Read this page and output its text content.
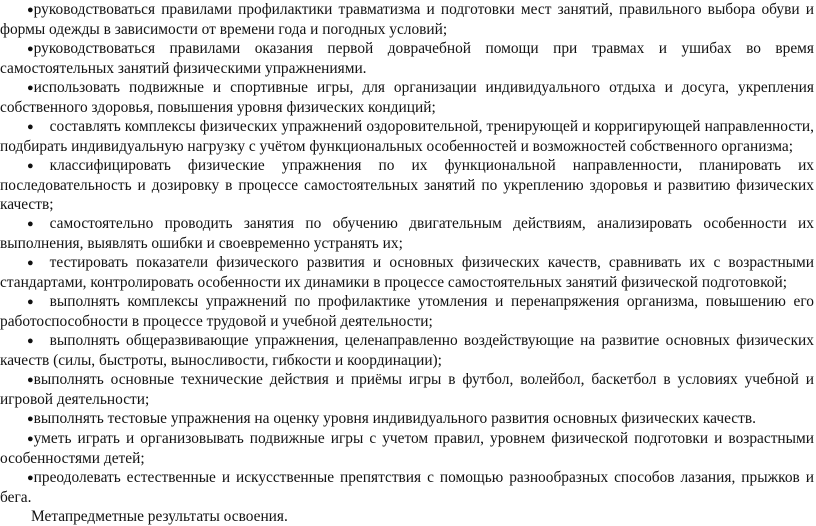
●руководствоваться правилами профилактики травматизма и подготовки мест занятий, правильного выбора обуви и формы одежды в зависимости от времени года и погодных условий;

●руководствоваться правилами оказания первой доврачебной помощи при травмах и ушибах во время самостоятельных занятий физическими упражнениями.

●использовать подвижные и спортивные игры, для организации индивидуального отдыха и досуга, укрепления собственного здоровья, повышения уровня физических кондиций;

● составлять комплексы физических упражнений оздоровительной, тренирующей и корригирующей направленности, подбирать индивидуальную нагрузку с учётом функциональных особенностей и возможностей собственного организма;

● классифицировать физические упражнения по их функциональной направленности, планировать их последовательность и дозировку в процессе самостоятельных занятий по укреплению здоровья и развитию физических качеств;

● самостоятельно проводить занятия по обучению двигательным действиям, анализировать особенности их выполнения, выявлять ошибки и своевременно устранять их;

● тестировать показатели физического развития и основных физических качеств, сравнивать их с возрастными стандартами, контролировать особенности их динамики в процессе самостоятельных занятий физической подготовкой;

● выполнять комплексы упражнений по профилактике утомления и перенапряжения организма, повышению его работоспособности в процессе трудовой и учебной деятельности;

● выполнять общеразвивающие упражнения, целенаправленно воздействующие на развитие основных физических качеств (силы, быстроты, выносливости, гибкости и координации);

●выполнять основные технические действия и приёмы игры в футбол, волейбол, баскетбол в условиях учебной и игровой деятельности;

●выполнять тестовые упражнения на оценку уровня индивидуального развития основных физических качеств.

●уметь играть и организовывать подвижные игры с учетом правил, уровнем физической подготовки и возрастными особенностями детей;

●преодолевать естественные и искусственные препятствия с помощью разнообразных способов лазания, прыжков и бега.

Метапредметные результаты освоения.
